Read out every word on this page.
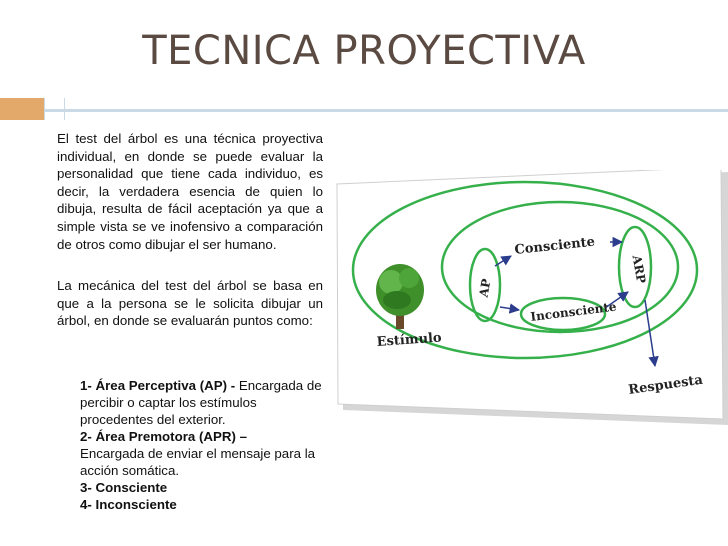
TECNICA PROYECTIVA

El test del árbol es una técnica proyectiva individual, en donde se puede evaluar la personalidad que tiene cada individuo, es decir, la verdadera esencia de quien lo dibuja, resulta de fácil aceptación ya que a simple vista se ve inofensivo a comparación de otros como dibujar el ser humano.

La mecánica del test del árbol se basa en que a la persona se le solicita dibujar un árbol, en donde se evaluarán puntos como:

1- Área Perceptiva (AP) - Encargada de percibir o captar los estímulos procedentes del exterior.
2- Área Premotora (APR) –
Encargada de enviar el mensaje para la acción somática.
3- Consciente
4- Inconsciente
Estímulo
AP
Consciente
Inconsciente
ARP
Respuesta
